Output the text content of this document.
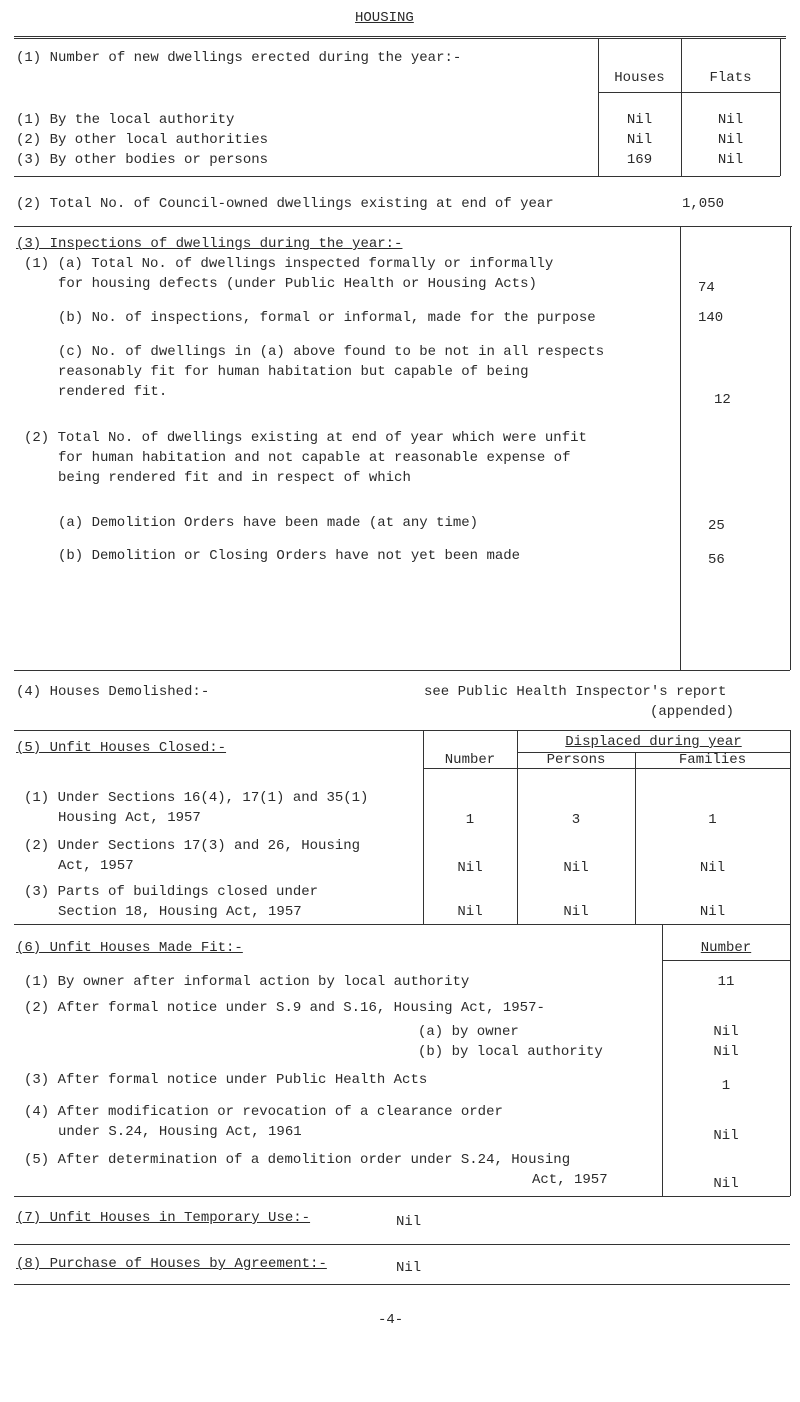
HOUSING
(1) Number of new dwellings erected during the year:-
Houses	Flats
(1) By the local authority	Nil	Nil
(2) By other local authorities	Nil	Nil
(3) By other bodies or persons	169	Nil
(2) Total No. of Council-owned dwellings existing at end of year	1,050
(3) Inspections of dwellings during the year:-
(1) (a) Total No. of dwellings inspected formally or informally
for housing defects (under Public Health or Housing Acts)	74
(b) No. of inspections, formal or informal, made for the purpose	140
(c) No. of dwellings in (a) above found to be not in all respects
reasonably fit for human habitation but capable of being
rendered fit.	12
(2) Total No. of dwellings existing at end of year which were unfit
for human habitation and not capable at reasonable expense of
being rendered fit and in respect of which
(a) Demolition Orders have been made (at any time)	25
(b) Demolition or Closing Orders have not yet been made	56
(4) Houses Demolished:-	see Public Health Inspector's report
(appended)
(5) Unfit Houses Closed:-
Number
Displaced during year
Persons	Families
(1) Under Sections 16(4), 17(1) and 35(1)
Housing Act, 1957	1	3	1
(2) Under Sections 17(3) and 26, Housing
Act, 1957	Nil	Nil	Nil
(3) Parts of buildings closed under
Section 18, Housing Act, 1957	Nil	Nil	Nil
(6) Unfit Houses Made Fit:-	Number
(1) By owner after informal action by local authority	11
(2) After formal notice under S.9 and S.16, Housing Act, 1957-
(a) by owner	Nil
(b) by local authority	Nil
(3) After formal notice under Public Health Acts	1
(4) After modification or revocation of a clearance order
under S.24, Housing Act, 1961	Nil
(5) After determination of a demolition order under S.24, Housing
Act, 1957	Nil
(7) Unfit Houses in Temporary Use:-	Nil
(8) Purchase of Houses by Agreement:-	Nil
-4-
